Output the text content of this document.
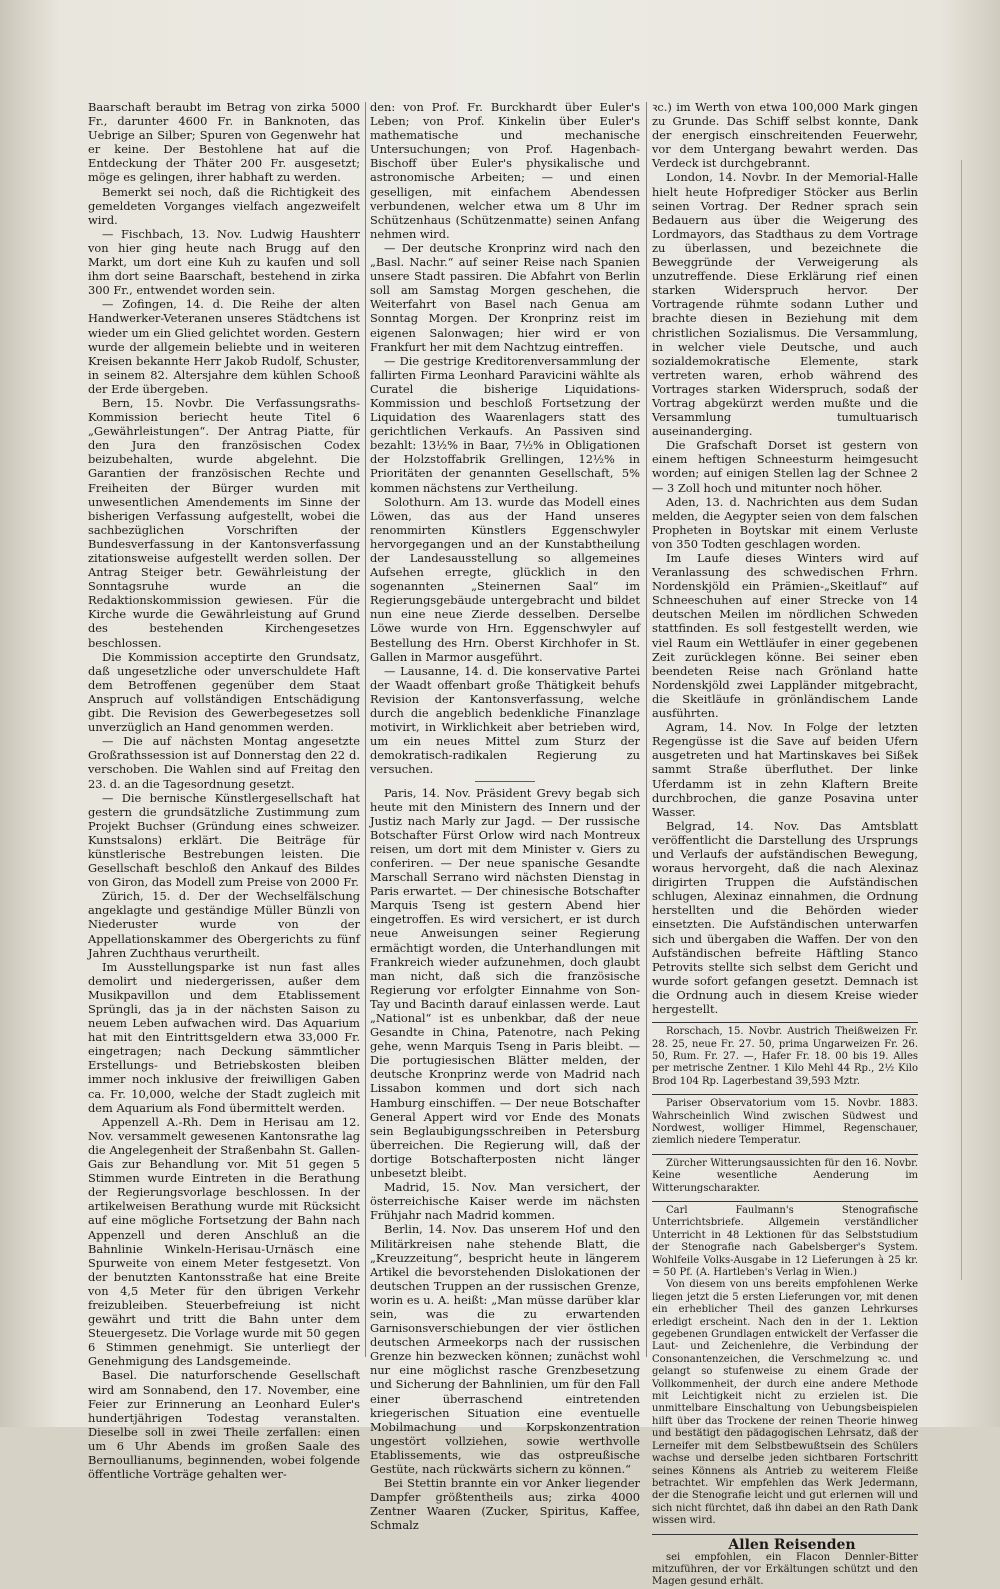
Baarschaft beraubt im Betrag von zirka 5000 Fr., darunter 4600 Fr. in Banknoten, das Uebrige an Silber; Spuren von Gegenwehr hat er keine. Der Bestohlene hat auf die Entdeckung der Thäter 200 Fr. ausgesetzt; möge es gelingen, ihrer habhaft zu werden.

Bemerkt sei noch, daß die Richtigkeit des gemeldeten Vorganges vielfach angezweifelt wird.

— Fischbach, 13. Nov. Ludwig Haushterr von hier ging heute nach Brugg auf den Markt, um dort eine Kuh zu kaufen und soll ihm dort seine Baarschaft, bestehend in zirka 300 Fr., entwendet worden sein.

— Zofingen, 14. d. Die Reihe der alten Handwerker-Veteranen unseres Städtchens ist wieder um ein Glied gelichtet worden. Gestern wurde der allgemein beliebte und in weiteren Kreisen bekannte Herr Jakob Rudolf, Schuster, in seinem 82. Altersjahre dem kühlen Schooß der Erde übergeben.

Bern, 15. Novbr. Die Verfassungsraths-Kommission beriecht heute Titel 6 „Gewährleistungen“. Der Antrag Piatte, für den Jura den französischen Codex beizubehalten, wurde abgelehnt. Die Garantien der französischen Rechte und Freiheiten der Bürger wurden mit unwesentlichen Amendements im Sinne der bisherigen Verfassung aufgestellt, wobei die sachbezüglichen Vorschriften der Bundesverfassung in der Kantonsverfassung zitationsweise aufgestellt werden sollen. Der Antrag Steiger betr. Gewährleistung der Sonntagsruhe wurde an die Redaktionskommission gewiesen. Für die Kirche wurde die Gewährleistung auf Grund des bestehenden Kirchengesetzes beschlossen.

Die Kommission acceptirte den Grundsatz, daß ungesetzliche oder unverschuldete Haft dem Betroffenen gegenüber dem Staat Anspruch auf vollständigen Entschädigung gibt. Die Revision des Gewerbegesetzes soll unverzüglich an Hand genommen werden.

— Die auf nächsten Montag angesetzte Großrathssession ist auf Donnerstag den 22 d. verschoben. Die Wahlen sind auf Freitag den 23. d. an die Tagesordnung gesetzt.

— Die bernische Künstlergesellschaft hat gestern die grundsätzliche Zustimmung zum Projekt Buchser (Gründung eines schweizer. Kunstsalons) erklärt. Die Beiträge für künstlerische Bestrebungen leisten. Die Gesellschaft beschloß den Ankauf des Bildes von Giron, das Modell zum Preise von 2000 Fr.

Zürich, 15. d. Der der Wechselfälschung angeklagte und geständige Müller Bünzli von Niederuster wurde von der Appellationskammer des Obergerichts zu fünf Jahren Zuchthaus verurtheilt.

Im Ausstellungsparke ist nun fast alles demolirt und niedergerissen, außer dem Musikpavillon und dem Etablissement Sprüngli, das ja in der nächsten Saison zu neuem Leben aufwachen wird. Das Aquarium hat mit den Eintrittsgeldern etwa 33,000 Fr. eingetragen; nach Deckung sämmtlicher Erstellungs- und Betriebskosten bleiben immer noch inklusive der freiwilligen Gaben ca. Fr. 10,000, welche der Stadt zugleich mit dem Aquarium als Fond übermittelt werden.

Appenzell A.-Rh. Dem in Herisau am 12. Nov. versammelt gewesenen Kantonsrathe lag die Angelegenheit der Straßenbahn St. Gallen-Gais zur Behandlung vor. Mit 51 gegen 5 Stimmen wurde Eintreten in die Berathung der Regierungsvorlage beschlossen. In der artikelweisen Berathung wurde mit Rücksicht auf eine mögliche Fortsetzung der Bahn nach Appenzell und deren Anschluß an die Bahnlinie Winkeln-Herisau-Urnäsch eine Spurweite von einem Meter festgesetzt. Von der benutzten Kantonsstraße hat eine Breite von 4,5 Meter für den übrigen Verkehr freizubleiben. Steuerbefreiung ist nicht gewährt und tritt die Bahn unter dem Steuergesetz. Die Vorlage wurde mit 50 gegen 6 Stimmen genehmigt. Sie unterliegt der Genehmigung des Landsgemeinde.

Basel. Die naturforschende Gesellschaft wird am Sonnabend, den 17. November, eine Feier zur Erinnerung an Leonhard Euler's hundertjährigen Todestag veranstalten. Dieselbe soll in zwei Theile zerfallen: einen um 6 Uhr Abends im großen Saale des Bernoullianums, beginnenden, wobei folgende öffentliche Vorträge gehalten wer-

den: von Prof. Fr. Burckhardt über Euler's Leben; von Prof. Kinkelin über Euler's mathematische und mechanische Untersuchungen; von Prof. Hagenbach-Bischoff über Euler's physikalische und astronomische Arbeiten; — und einen geselligen, mit einfachem Abendessen verbundenen, welcher etwa um 8 Uhr im Schützenhaus (Schützenmatte) seinen Anfang nehmen wird.

— Der deutsche Kronprinz wird nach den „Basl. Nachr.“ auf seiner Reise nach Spanien unsere Stadt passiren. Die Abfahrt von Berlin soll am Samstag Morgen geschehen, die Weiterfahrt von Basel nach Genua am Sonntag Morgen. Der Kronprinz reist im eigenen Salonwagen; hier wird er von Frankfurt her mit dem Nachtzug eintreffen.

— Die gestrige Kreditorenversammlung der fallirten Firma Leonhard Paravicini wählte als Curatel die bisherige Liquidations-Kommission und beschloß Fortsetzung der Liquidation des Waarenlagers statt des gerichtlichen Verkaufs. An Passiven sind bezahlt: 13½% in Baar, 7½% in Obligationen der Holzstoffabrik Grellingen, 12½% in Prioritäten der genannten Gesellschaft, 5% kommen nächstens zur Vertheilung.

Solothurn. Am 13. wurde das Modell eines Löwen, das aus der Hand unseres renommirten Künstlers Eggenschwyler hervorgegangen und an der Kunstabtheilung der Landesausstellung so allgemeines Aufsehen erregte, glücklich in den sogenannten „Steinernen Saal“ im Regierungsgebäude untergebracht und bildet nun eine neue Zierde desselben. Derselbe Löwe wurde von Hrn. Eggenschwyler auf Bestellung des Hrn. Oberst Kirchhofer in St. Gallen in Marmor ausgeführt.

— Lausanne, 14. d. Die konservative Partei der Waadt offenbart große Thätigkeit behufs Revision der Kantonsverfassung, welche durch die angeblich bedenkliche Finanzlage motivirt, in Wirklichkeit aber betrieben wird, um ein neues Mittel zum Sturz der demokratisch-radikalen Regierung zu versuchen.

Paris, 14. Nov. Präsident Grevy begab sich heute mit den Ministern des Innern und der Justiz nach Marly zur Jagd. — Der russische Botschafter Fürst Orlow wird nach Montreux reisen, um dort mit dem Minister v. Giers zu conferiren. — Der neue spanische Gesandte Marschall Serrano wird nächsten Dienstag in Paris erwartet. — Der chinesische Botschafter Marquis Tseng ist gestern Abend hier eingetroffen. Es wird versichert, er ist durch neue Anweisungen seiner Regierung ermächtigt worden, die Unterhandlungen mit Frankreich wieder aufzunehmen, doch glaubt man nicht, daß sich die französische Regierung vor erfolgter Einnahme von Son-Tay und Bacinth darauf einlassen werde. Laut „National“ ist es unbenkbar, daß der neue Gesandte in China, Patenotre, nach Peking gehe, wenn Marquis Tseng in Paris bleibt. — Die portugiesischen Blätter melden, der deutsche Kronprinz werde von Madrid nach Lissabon kommen und dort sich nach Hamburg einschiffen. — Der neue Botschafter General Appert wird vor Ende des Monats sein Beglaubigungsschreiben in Petersburg überreichen. Die Regierung will, daß der dortige Botschafterposten nicht länger unbesetzt bleibt.

Madrid, 15. Nov. Man versichert, der österreichische Kaiser werde im nächsten Frühjahr nach Madrid kommen.

Berlin, 14. Nov. Das unserem Hof und den Militärkreisen nahe stehende Blatt, die „Kreuzzeitung“, bespricht heute in längerem Artikel die bevorstehenden Dislokationen der deutschen Truppen an der russischen Grenze, worin es u. A. heißt: „Man müsse darüber klar sein, was die zu erwartenden Garnisonsverschiebungen der vier östlichen deutschen Armeekorps nach der russischen Grenze hin bezwecken können; zunächst wohl nur eine möglichst rasche Grenzbesetzung und Sicherung der Bahnlinien, um für den Fall einer überraschend eintretenden kriegerischen Situation eine eventuelle Mobilmachung und Korpskonzentration ungestört vollziehen, sowie werthvolle Etablissements, wie das ostpreußische Gestüte, nach rückwärts sichern zu können.“

Bei Stettin brannte ein vor Anker liegender Dampfer größtentheils aus; zirka 4000 Zentner Waaren (Zucker, Spiritus, Kaffee, Schmalz

ꝛc.) im Werth von etwa 100,000 Mark gingen zu Grunde. Das Schiff selbst konnte, Dank der energisch einschreitenden Feuerwehr, vor dem Untergang bewahrt werden. Das Verdeck ist durchgebrannt.

London, 14. Novbr. In der Memorial-Halle hielt heute Hofprediger Stöcker aus Berlin seinen Vortrag. Der Redner sprach sein Bedauern aus über die Weigerung des Lordmayors, das Stadthaus zu dem Vortrage zu überlassen, und bezeichnete die Beweggründe der Verweigerung als unzutreffende. Diese Erklärung rief einen starken Widerspruch hervor. Der Vortragende rühmte sodann Luther und brachte diesen in Beziehung mit dem christlichen Sozialismus. Die Versammlung, in welcher viele Deutsche, und auch sozialdemokratische Elemente, stark vertreten waren, erhob während des Vortrages starken Widerspruch, sodaß der Vortrag abgekürzt werden mußte und die Versammlung tumultuarisch auseinanderging.

Die Grafschaft Dorset ist gestern von einem heftigen Schneesturm heimgesucht worden; auf einigen Stellen lag der Schnee 2 — 3 Zoll hoch und mitunter noch höher.

Aden, 13. d. Nachrichten aus dem Sudan melden, die Aegypter seien von dem falschen Propheten in Boytskar mit einem Verluste von 350 Todten geschlagen worden.

Im Laufe dieses Winters wird auf Veranlassung des schwedischen Frhrn. Nordenskjöld ein Prämien-„Skeitlauf“ auf Schneeschuhen auf einer Strecke von 14 deutschen Meilen im nördlichen Schweden stattfinden. Es soll festgestellt werden, wie viel Raum ein Wettläufer in einer gegebenen Zeit zurücklegen könne. Bei seiner eben beendeten Reise nach Grönland hatte Nordenskjöld zwei Lappländer mitgebracht, die Skeitläufe in grönländischem Lande ausführten.

Agram, 14. Nov. In Folge der letzten Regengüsse ist die Save auf beiden Ufern ausgetreten und hat Martinskaves bei Sißek sammt Straße überfluthet. Der linke Uferdamm ist in zehn Klaftern Breite durchbrochen, die ganze Posavina unter Wasser.

Belgrad, 14. Nov. Das Amtsblatt veröffentlicht die Darstellung des Ursprungs und Verlaufs der aufständischen Bewegung, woraus hervorgeht, daß die nach Alexinaz dirigirten Truppen die Aufständischen schlugen, Alexinaz einnahmen, die Ordnung herstellten und die Behörden wieder einsetzten. Die Aufständischen unterwarfen sich und übergaben die Waffen. Der von den Aufständischen befreite Häftling Stanco Petrovits stellte sich selbst dem Gericht und wurde sofort gefangen gesetzt. Demnach ist die Ordnung auch in diesem Kreise wieder hergestellt.

Rorschach, 15. Novbr. Austrich Theißweizen Fr. 28. 25, neue Fr. 27. 50, prima Ungarweizen Fr. 26. 50, Rum. Fr. 27. —, Hafer Fr. 18. 00 bis 19. Alles per metrische Zentner. 1 Kilo Mehl 44 Rp., 2½ Kilo Brod 104 Rp. Lagerbestand 39,593 Mztr.

Pariser Observatorium vom 15. Novbr. 1883. Wahrscheinlich Wind zwischen Südwest und Nordwest, wolliger Himmel, Regenschauer, ziemlich niedere Temperatur.

Zürcher Witterungsaussichten für den 16. Novbr. Keine wesentliche Aenderung im Witterungscharakter.

Carl Faulmann's Stenografische Unterrichtsbriefe. Allgemein verständlicher Unterricht in 48 Lektionen für das Selbststudium der Stenografie nach Gabelsberger's System. Wohlfeile Volks-Ausgabe in 12 Lieferungen à 25 kr. = 50 Pf. (A. Hartleben's Verlag in Wien.)

Von diesem von uns bereits empfohlenen Werke liegen jetzt die 5 ersten Lieferungen vor, mit denen ein erheblicher Theil des ganzen Lehrkurses erledigt erscheint. Nach den in der 1. Lektion gegebenen Grundlagen entwickelt der Verfasser die Laut- und Zeichenlehre, die Verbindung der Consonantenzeichen, die Verschmelzung ꝛc. und gelangt so stufenweise zu einem Grade der Vollkommenheit, der durch eine andere Methode mit Leichtigkeit nicht zu erzielen ist. Die unmittelbare Einschaltung von Uebungsbeispielen hilft über das Trockene der reinen Theorie hinweg und bestätigt den pädagogischen Lehrsatz, daß der Lerneifer mit dem Selbstbewußtsein des Schülers wachse und derselbe jeden sichtbaren Fortschritt seines Könnens als Antrieb zu weiterem Fleiße betrachtet. Wir empfehlen das Werk Jedermann, der die Stenografie leicht und gut erlernen will und sich nicht fürchtet, daß ihn dabei an den Rath Dank wissen wird.

Allen Reisenden

sei empfohlen, ein Flacon Dennler-Bitter mitzuführen, der vor Erkältungen schützt und den Magen gesund erhält.
